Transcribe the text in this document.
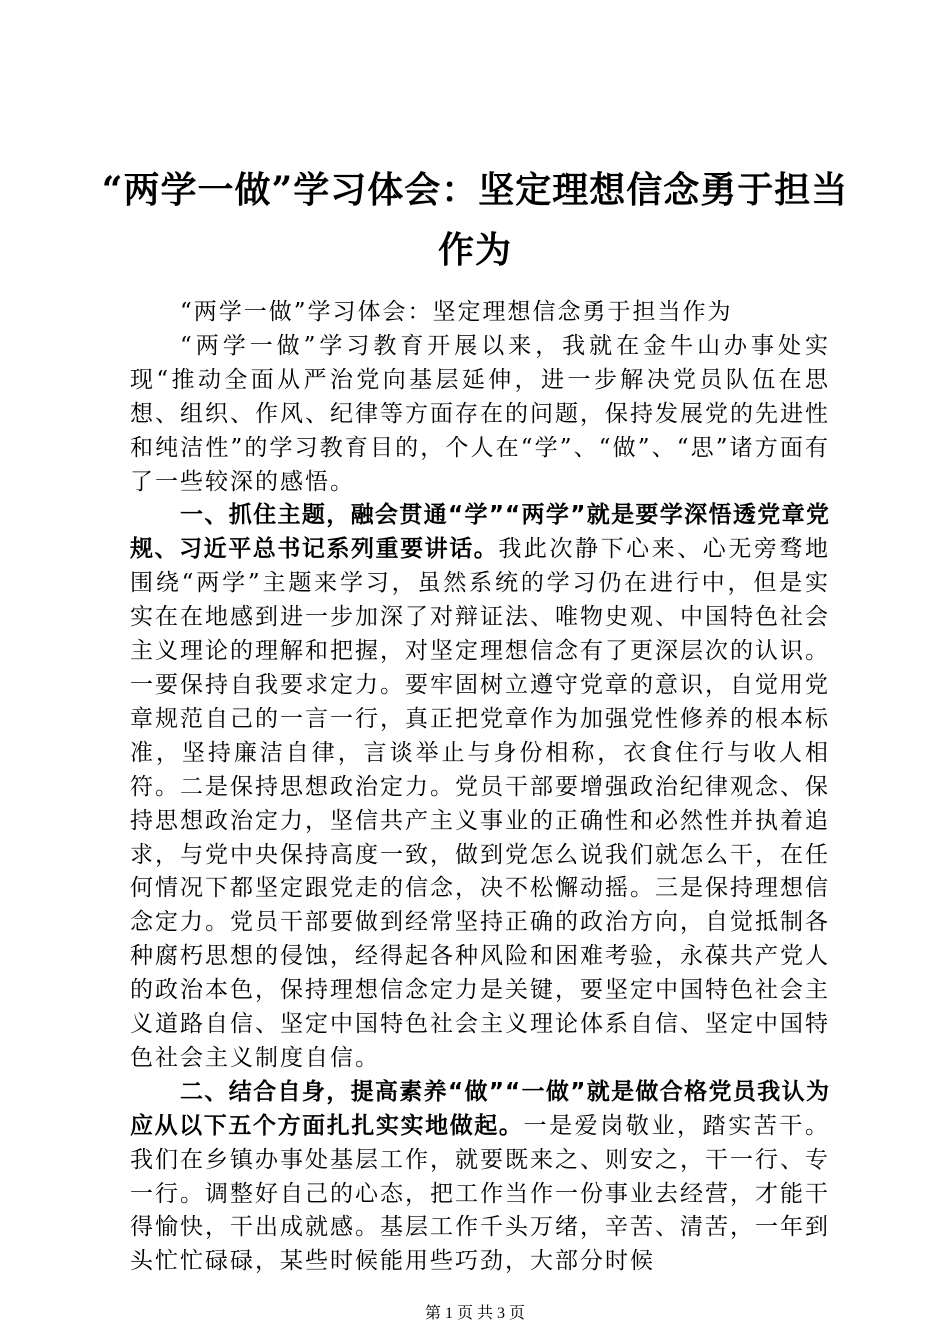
“两学一做”学习体会：坚定理想信念勇于担当作为

“两学一做”学习体会：坚定理想信念勇于担当作为

“两学一做”学习教育开展以来，我就在金牛山办事处实现“推动全面从严治党向基层延伸，进一步解决党员队伍在思想、组织、作风、纪律等方面存在的问题，保持发展党的先进性和纯洁性”的学习教育目的，个人在“学”、“做”、“思”诸方面有了一些较深的感悟。

一、抓住主题，融会贯通“学”“两学”就是要学深悟透党章党规、习近平总书记系列重要讲话。我此次静下心来、心无旁骛地围绕“两学”主题来学习，虽然系统的学习仍在进行中，但是实实在在地感到进一步加深了对辩证法、唯物史观、中国特色社会主义理论的理解和把握，对坚定理想信念有了更深层次的认识。一要保持自我要求定力。要牢固树立遵守党章的意识，自觉用党章规范自己的一言一行，真正把党章作为加强党性修养的根本标准，坚持廉洁自律，言谈举止与身份相称，衣食住行与收人相符。二是保持思想政治定力。党员干部要增强政治纪律观念、保持思想政治定力，坚信共产主义事业的正确性和必然性并执着追求，与党中央保持高度一致，做到党怎么说我们就怎么干，在任何情况下都坚定跟党走的信念，决不松懈动摇。三是保持理想信念定力。党员干部要做到经常坚持正确的政治方向，自觉抵制各种腐朽思想的侵蚀，经得起各种风险和困难考验，永葆共产党人的政治本色，保持理想信念定力是关键，要坚定中国特色社会主义道路自信、坚定中国特色社会主义理论体系自信、坚定中国特色社会主义制度自信。

二、结合自身，提高素养“做”“一做”就是做合格党员我认为应从以下五个方面扎扎实实地做起。一是爱岗敬业，踏实苦干。我们在乡镇办事处基层工作，就要既来之、则安之，干一行、专一行。调整好自己的心态，把工作当作一份事业去经营，才能干得愉快，干出成就感。基层工作千头万绪，辛苦、清苦，一年到头忙忙碌碌，某些时候能用些巧劲，大部分时候

第 1 页 共 3 页
